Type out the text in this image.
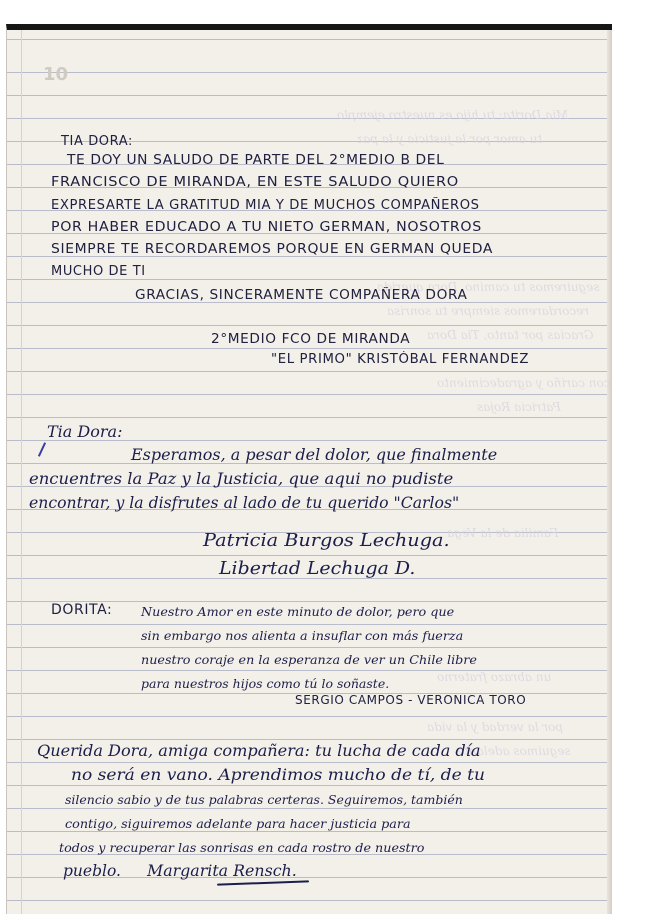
10
Mia Dorita: tu hijo es nuestro ejemplo
tu amor por la justicia y la paz
seguiremos tu camino, Dora querida
recordaremos siempre tu sonrisa
Gracias por tanto, Tia Dora
con cariño y agradecimiento
Patricia Rojas
Familia de la Vega
un abrazo fraterno
por la verdad y la vida
seguimos adelante
TIA DORA:
TE DOY UN SALUDO DE PARTE DEL 2°MEDIO B DEL
FRANCISCO DE MIRANDA, EN ESTE SALUDO QUIERO
EXPRESARTE LA GRATITUD MIA Y DE MUCHOS COMPAÑEROS
POR HABER EDUCADO A TU NIETO GERMAN, NOSOTROS
SIEMPRE TE RECORDAREMOS PORQUE EN GERMAN QUEDA
MUCHO DE TI
GRACIAS, SINCERAMENTE COMPAÑERA DORA
2°MEDIO FCO DE MIRANDA
"EL PRIMO" KRISTÓBAL FERNANDEZ
Tia Dora:
Esperamos, a pesar del dolor, que finalmente
encuentres la Paz y la Justicia, que aqui no pudiste
encontrar, y la disfrutes al lado de tu querido "Carlos"
Patricia Burgos Lechuga.
Libertad Lechuga D.
DORITA: Nuestro Amor en este minuto de dolor, pero que
sin embargo nos alienta a insuflar con más fuerza
nuestro coraje en la esperanza de ver un Chile libre
para nuestros hijos como tú lo soñaste.
SERGIO CAMPOS - VERONICA TORO
Querida Dora, amiga compañera: tu lucha de cada día
no será en vano. Aprendimos mucho de tí, de tu
silencio sabio y de tus palabras certeras. Seguiremos, también
contigo, siguiremos adelante para hacer justicia para
todos y recuperar las sonrisas en cada rostro de nuestro
pueblo. Margarita Rensch.
